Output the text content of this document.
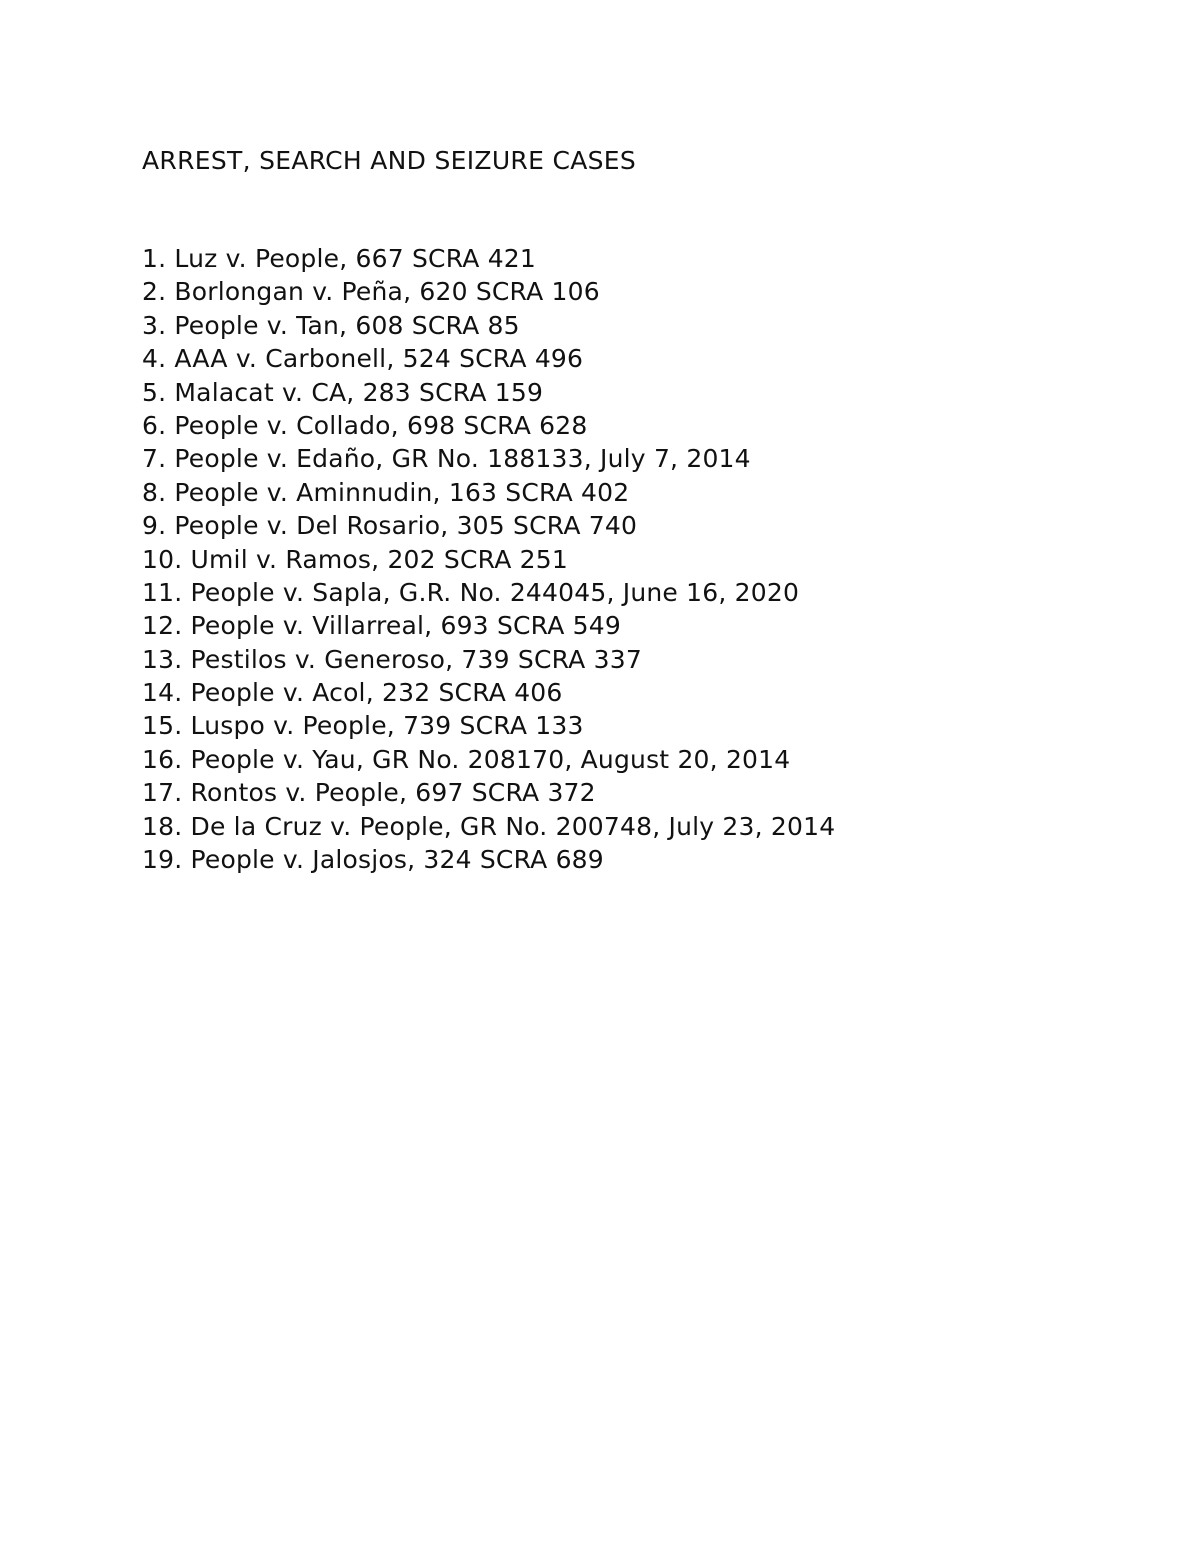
ARREST, SEARCH AND SEIZURE CASES
1. Luz v. People, 667 SCRA 421
2. Borlongan v. Peña, 620 SCRA 106
3. People v. Tan, 608 SCRA 85
4. AAA v. Carbonell, 524 SCRA 496
5. Malacat v. CA, 283 SCRA 159
6. People v. Collado, 698 SCRA 628
7. People v. Edaño, GR No. 188133, July 7, 2014
8. People v. Aminnudin, 163 SCRA 402
9. People v. Del Rosario, 305 SCRA 740
10. Umil v. Ramos, 202 SCRA 251
11. People v. Sapla, G.R. No. 244045, June 16, 2020
12. People v. Villarreal, 693 SCRA 549
13. Pestilos v. Generoso, 739 SCRA 337
14. People v. Acol, 232 SCRA 406
15. Luspo v. People, 739 SCRA 133
16. People v. Yau, GR No. 208170, August 20, 2014
17. Rontos v. People, 697 SCRA 372
18. De la Cruz v. People, GR No. 200748, July 23, 2014
19. People v. Jalosjos, 324 SCRA 689
